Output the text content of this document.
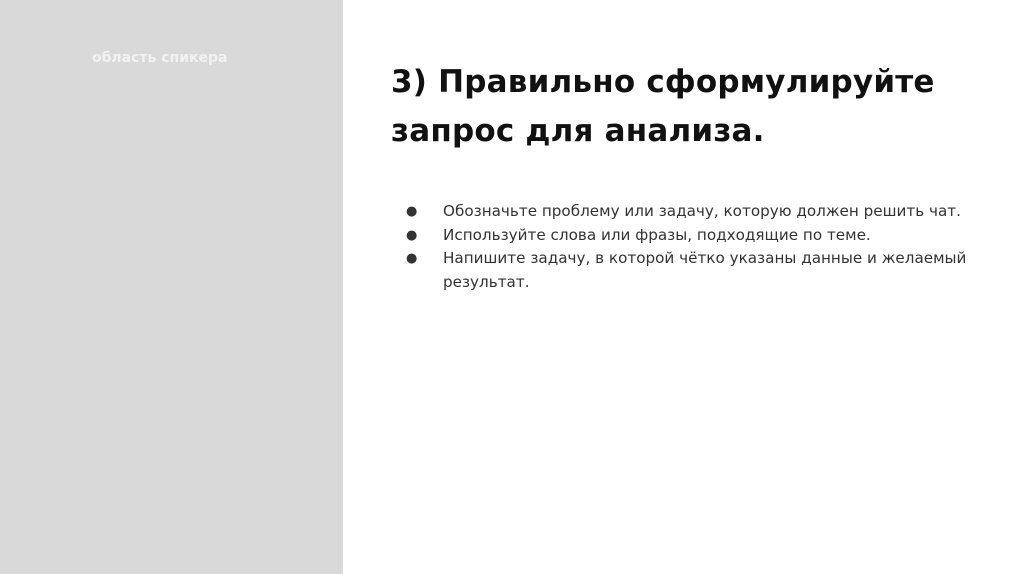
область спикера
3) Правильно сформулируйте запрос для анализа.
● Обозначьте проблему или задачу, которую должен решить чат.
● Используйте слова или фразы, подходящие по теме.
● Напишите задачу, в которой чётко указаны данные и желаемый результат.
